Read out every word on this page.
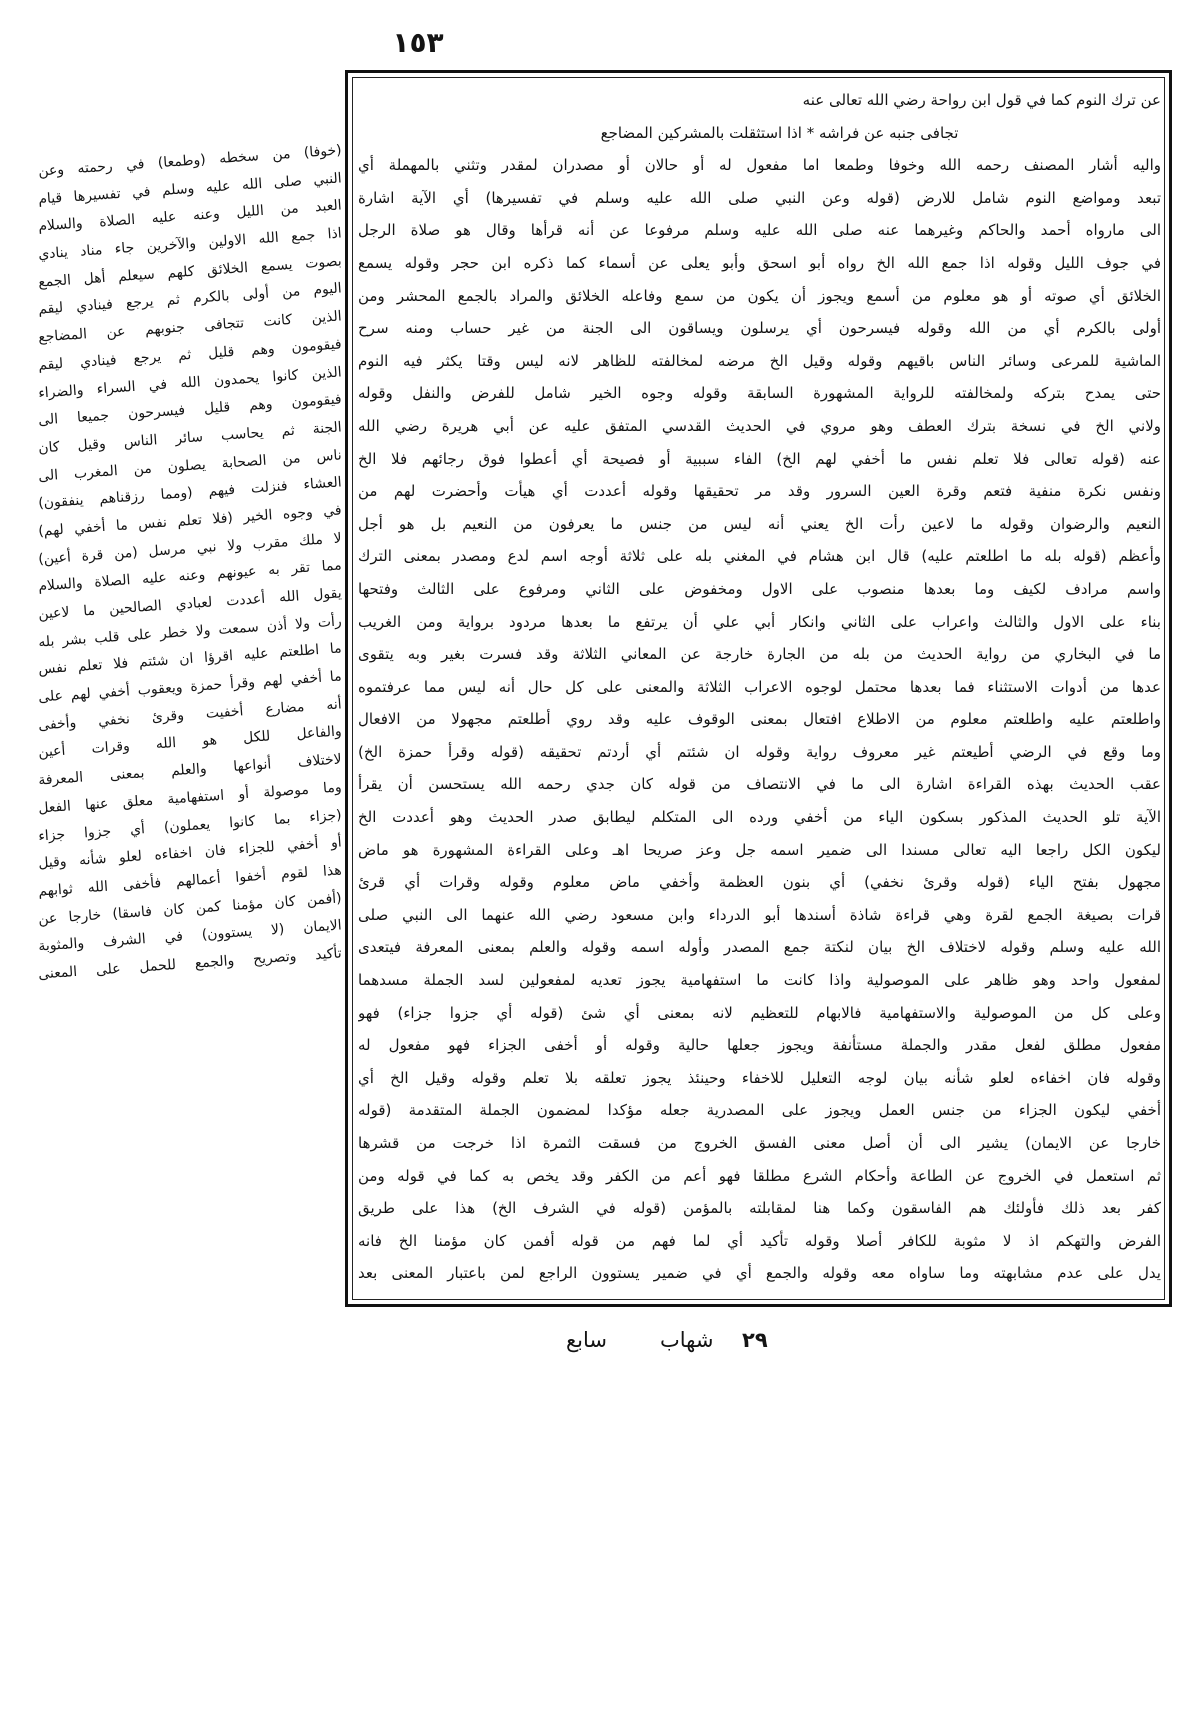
١٥٣
عن ترك النوم كما في قول ابن رواحة رضي الله تعالى عنه
تجافى جنبه عن فراشه * اذا استثقلت بالمشركين المضاجع
واليه أشار المصنف رحمه الله وخوفا وطمعا اما مفعول له أو حالان أو مصدران لمقدر وتثني بالمهملة أي
تبعد ومواضع النوم شامل للارض (قوله وعن النبي صلى الله عليه وسلم في تفسيرها) أي الآية اشارة
الى مارواه أحمد والحاكم وغيرهما عنه صلى الله عليه وسلم مرفوعا عن أنه قرأها وقال هو صلاة الرجل
في جوف الليل وقوله اذا جمع الله الخ رواه أبو اسحق وأبو يعلى عن أسماء كما ذكره ابن حجر وقوله يسمع
الخلائق أي صوته أو هو معلوم من أسمع ويجوز أن يكون من سمع وفاعله الخلائق والمراد بالجمع المحشر ومن
أولى بالكرم أي من الله وقوله فيسرحون أي يرسلون ويساقون الى الجنة من غير حساب ومنه سرح
الماشية للمرعى وسائر الناس باقيهم وقوله وقيل الخ مرضه لمخالفته للظاهر لانه ليس وقتا يكثر فيه النوم
حتى يمدح بتركه ولمخالفته للرواية المشهورة السابقة وقوله وجوه الخير شامل للفرض والنفل وقوله
ولاني الخ في نسخة بترك العطف وهو مروي في الحديث القدسي المتفق عليه عن أبي هريرة رضي الله
عنه (قوله تعالى فلا تعلم نفس ما أخفي لهم الخ) الفاء سببية أو فصيحة أي أعطوا فوق رجائهم فلا الخ
ونفس نكرة منفية فتعم وقرة العين السرور وقد مر تحقيقها وقوله أعددت أي هيأت وأحضرت لهم من
النعيم والرضوان وقوله ما لاعين رأت الخ يعني أنه ليس من جنس ما يعرفون من النعيم بل هو أجل
وأعظم (قوله بله ما اطلعتم عليه) قال ابن هشام في المغني بله على ثلاثة أوجه اسم لدع ومصدر بمعنى الترك
واسم مرادف لكيف وما بعدها منصوب على الاول ومخفوض على الثاني ومرفوع على الثالث وفتحها
بناء على الاول والثالث واعراب على الثاني وانكار أبي علي أن يرتفع ما بعدها مردود برواية ومن الغريب
ما في البخاري من رواية الحديث من بله من الجارة خارجة عن المعاني الثلاثة وقد فسرت بغير وبه يتقوى
عدها من أدوات الاستثناء فما بعدها محتمل لوجوه الاعراب الثلاثة والمعنى على كل حال أنه ليس مما عرفتموه
واطلعتم عليه واطلعتم معلوم من الاطلاع افتعال بمعنى الوقوف عليه وقد روي أطلعتم مجهولا من الافعال
وما وقع في الرضي أطيعتم غير معروف رواية وقوله ان شئتم أي أردتم تحقيقه (قوله وقرأ حمزة الخ)
عقب الحديث بهذه القراءة اشارة الى ما في الانتصاف من قوله كان جدي رحمه الله يستحسن أن يقرأ
الآية تلو الحديث المذكور بسكون الياء من أخفي ورده الى المتكلم ليطابق صدر الحديث وهو أعددت الخ
ليكون الكل راجعا اليه تعالى مسندا الى ضمير اسمه جل وعز صريحا اهـ وعلى القراءة المشهورة هو ماض
مجهول بفتح الياء (قوله وقرئ نخفي) أي بنون العظمة وأخفي ماض معلوم وقوله وقرات أي قرئ
قرات بصيغة الجمع لقرة وهي قراءة شاذة أسندها أبو الدرداء وابن مسعود رضي الله عنهما الى النبي صلى
الله عليه وسلم وقوله لاختلاف الخ بيان لنكتة جمع المصدر وأوله اسمه وقوله والعلم بمعنى المعرفة فيتعدى
لمفعول واحد وهو ظاهر على الموصولية واذا كانت ما استفهامية يجوز تعديه لمفعولين لسد الجملة مسدهما
وعلى كل من الموصولية والاستفهامية فالابهام للتعظيم لانه بمعنى أي شئ (قوله أي جزوا جزاء) فهو
مفعول مطلق لفعل مقدر والجملة مستأنفة ويجوز جعلها حالية وقوله أو أخفى الجزاء فهو مفعول له
وقوله فان اخفاءه لعلو شأنه بيان لوجه التعليل للاخفاء وحينئذ يجوز تعلقه بلا تعلم وقوله وقيل الخ أي
أخفي ليكون الجزاء من جنس العمل ويجوز على المصدرية جعله مؤكدا لمضمون الجملة المتقدمة (قوله
خارجا عن الايمان) يشير الى أن أصل معنى الفسق الخروج من فسقت الثمرة اذا خرجت من قشرها
ثم استعمل في الخروج عن الطاعة وأحكام الشرع مطلقا فهو أعم من الكفر وقد يخص به كما في قوله ومن
كفر بعد ذلك فأولئك هم الفاسقون وكما هنا لمقابلته بالمؤمن (قوله في الشرف الخ) هذا على طريق
الفرض والتهكم اذ لا مثوبة للكافر أصلا وقوله تأكيد أي لما فهم من قوله أفمن كان مؤمنا الخ فانه
يدل على عدم مشابهته وما ساواه معه وقوله والجمع أي في ضمير يستوون الراجع لمن باعتبار المعنى بعد
(خوفا) من سخطه (وطمعا) في رحمته وعن
النبي صلى الله عليه وسلم في تفسيرها قيام
العبد من الليل وعنه عليه الصلاة والسلام
اذا جمع الله الاولين والآخرين جاء مناد ينادي
بصوت يسمع الخلائق كلهم سيعلم أهل الجمع
اليوم من أولى بالكرم ثم يرجع فينادي ليقم
الذين كانت تتجافى جنوبهم عن المضاجع
فيقومون وهم قليل ثم يرجع فينادي ليقم
الذين كانوا يحمدون الله في السراء والضراء
فيقومون وهم قليل فيسرحون جميعا الى
الجنة ثم يحاسب سائر الناس وقيل كان
ناس من الصحابة يصلون من المغرب الى
العشاء فنزلت فيهم (ومما رزقناهم ينفقون)
في وجوه الخير (فلا تعلم نفس ما أخفي لهم)
لا ملك مقرب ولا نبي مرسل (من قرة أعين)
مما تقر به عيونهم وعنه عليه الصلاة والسلام
يقول الله أعددت لعبادي الصالحين ما لاعين
رأت ولا أذن سمعت ولا خطر على قلب بشر بله
ما اطلعتم عليه اقرؤا ان شئتم فلا تعلم نفس
ما أخفي لهم وقرأ حمزة ويعقوب أخفي لهم على
أنه مضارع أخفيت وقرئ نخفي وأخفى
والفاعل للكل هو الله وقرات أعين
لاختلاف أنواعها والعلم بمعنى المعرفة
وما موصولة أو استفهامية معلق عنها الفعل
(جزاء بما كانوا يعملون) أي جزوا جزاء
أو أخفي للجزاء فان اخفاءه لعلو شأنه وقيل
هذا لقوم أخفوا أعمالهم فأخفى الله ثوابهم
(أفمن كان مؤمنا كمن كان فاسقا) خارجا عن
الايمان (لا يستوون) في الشرف والمثوبة
تأكيد وتصريح والجمع للحمل على المعنى
٢٩
شهاب
سابع
